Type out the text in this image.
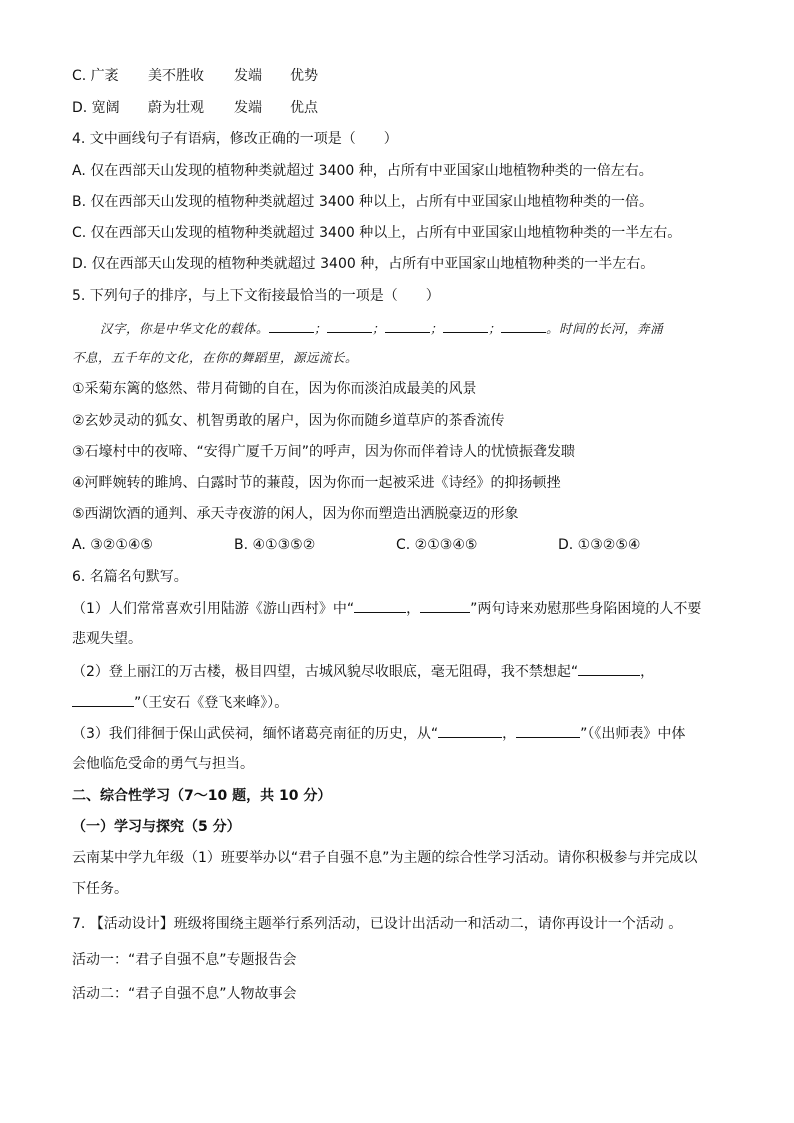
C. 广袤 美不胜收 发端 优势
D. 宽阔 蔚为壮观 发端 优点
4. 文中画线句子有语病，修改正确的一项是（　　）
A. 仅在西部天山发现的植物种类就超过 3400 种，占所有中亚国家山地植物种类的一倍左右。
B. 仅在西部天山发现的植物种类就超过 3400 种以上，占所有中亚国家山地植物种类的一倍。
C. 仅在西部天山发现的植物种类就超过 3400 种以上，占所有中亚国家山地植物种类的一半左右。
D. 仅在西部天山发现的植物种类就超过 3400 种，占所有中亚国家山地植物种类的一半左右。
5. 下列句子的排序，与上下文衔接最恰当的一项是（　　）
汉字，你是中华文化的载体。	；	；	；	；	。时间的长河，奔涌
不息，五千年的文化，在你的舞蹈里，源远流长。
①采菊东篱的悠然、带月荷锄的自在，因为你而淡泊成最美的风景
②玄妙灵动的狐女、机智勇敢的屠户，因为你而随乡道草庐的茶香流传
③石壕村中的夜啼、“安得广厦千万间”的呼声，因为你而伴着诗人的忧愤振聋发聩
④河畔婉转的雎鸠、白露时节的蒹葭，因为你而一起被采进《诗经》的抑扬顿挫
⑤西湖饮酒的通判、承天寺夜游的闲人，因为你而塑造出洒脱豪迈的形象
A. ③②①④⑤	B. ④①③⑤②	C. ②①③④⑤	D. ①③②⑤④
6. 名篇名句默写。
（1）人们常常喜欢引用陆游《游山西村》中“	，	”两句诗来劝慰那些身陷困境的人不要
悲观失望。
（2）登上丽江的万古楼，极目四望，古城风貌尽收眼底，毫无阻碍，我不禁想起“	，
”（王安石《登飞来峰》）。
（3）我们徘徊于保山武侯祠，缅怀诸葛亮南征的历史，从“	，	”（《出师表》中体
会他临危受命的勇气与担当。
二、综合性学习（7～10 题，共 10 分）
（一）学习与探究（5 分）
云南某中学九年级（1）班要举办以“君子自强不息”为主题的综合性学习活动。请你积极参与并完成以
下任务。
7. 【活动设计】班级将围绕主题举行系列活动，已设计出活动一和活动二，请你再设计一个活动 。
活动一：“君子自强不息”专题报告会
活动二：“君子自强不息”人物故事会
